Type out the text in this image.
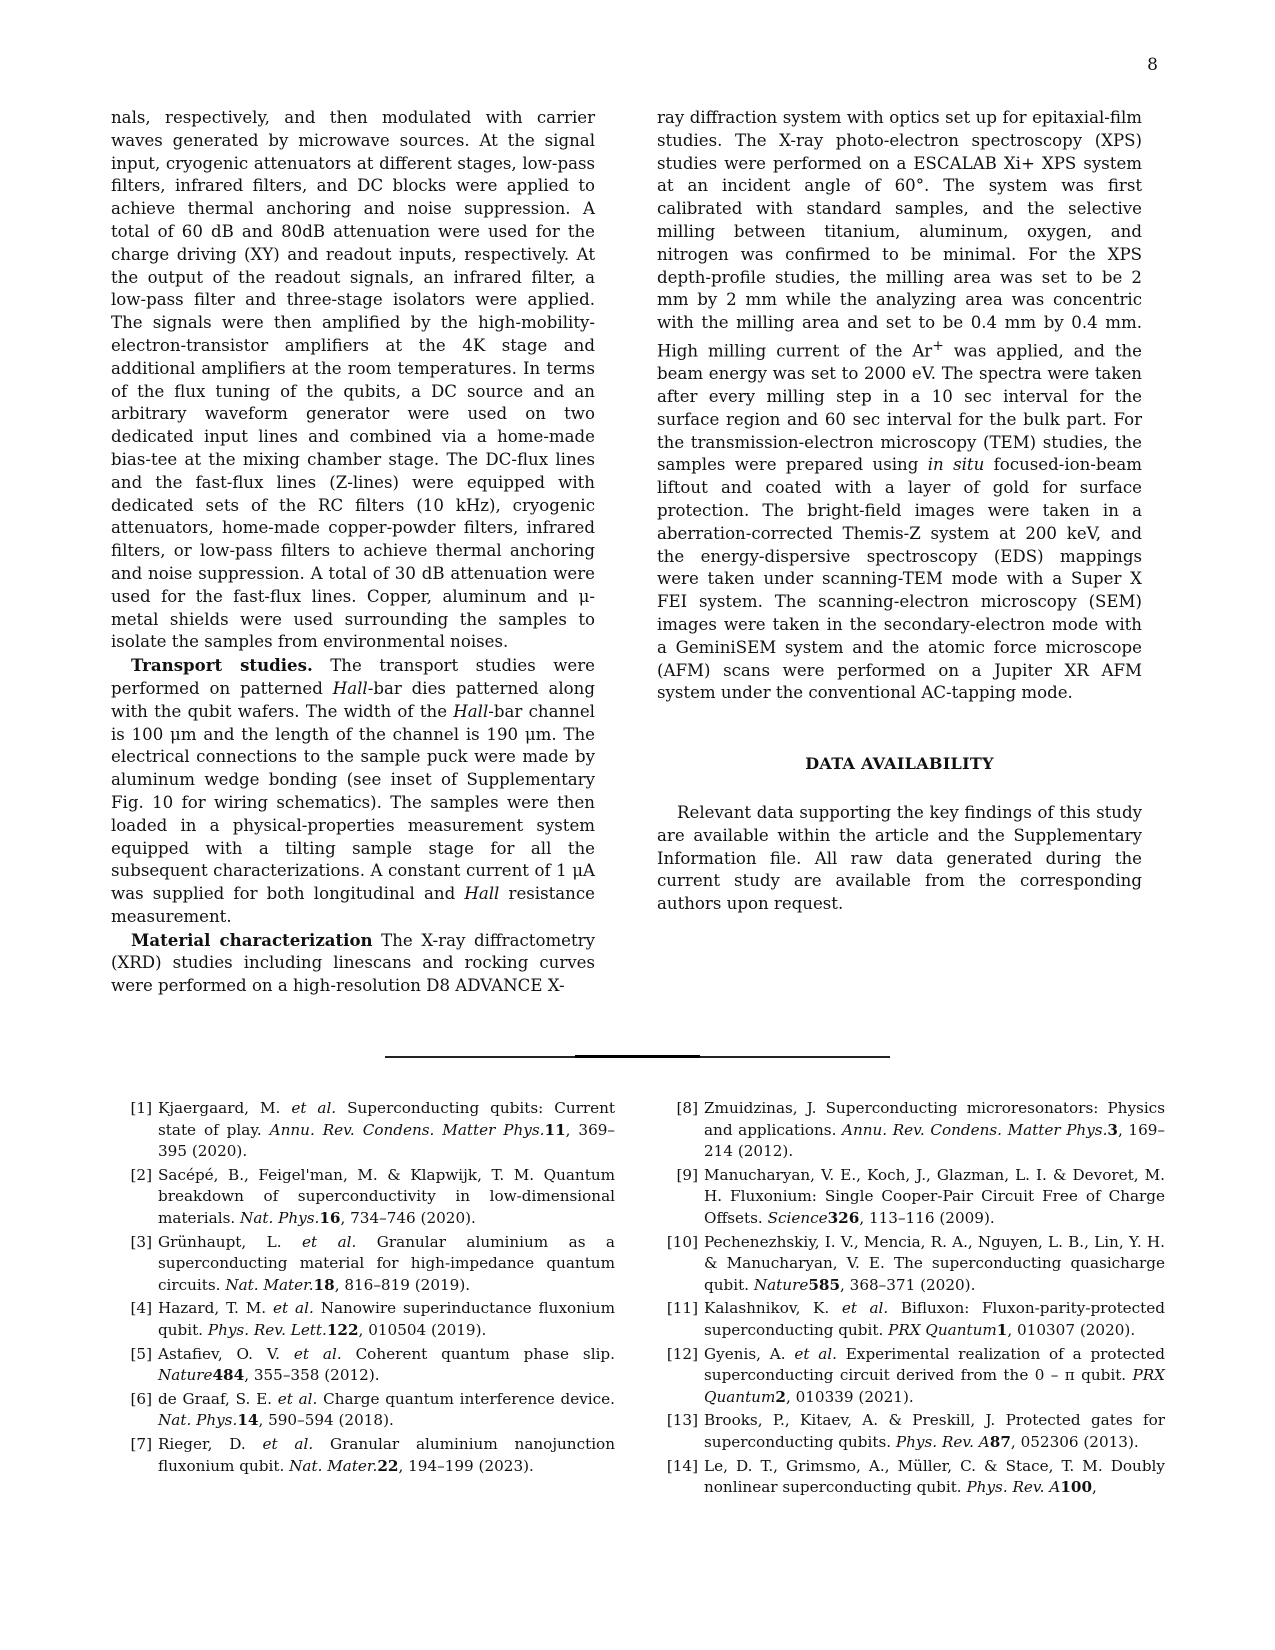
8

nals, respectively, and then modulated with carrier waves generated by microwave sources. At the signal input, cryogenic attenuators at different stages, low-pass filters, infrared filters, and DC blocks were applied to achieve thermal anchoring and noise suppression. A total of 60 dB and 80dB attenuation were used for the charge driving (XY) and readout inputs, respectively. At the output of the readout signals, an infrared filter, a low-pass filter and three-stage isolators were applied. The signals were then amplified by the high-mobility-electron-transistor amplifiers at the 4K stage and additional amplifiers at the room temperatures. In terms of the flux tuning of the qubits, a DC source and an arbitrary waveform generator were used on two dedicated input lines and combined via a home-made bias-tee at the mixing chamber stage. The DC-flux lines and the fast-flux lines (Z-lines) were equipped with dedicated sets of the RC filters (10 kHz), cryogenic attenuators, home-made copper-powder filters, infrared filters, or low-pass filters to achieve thermal anchoring and noise suppression. A total of 30 dB attenuation were used for the fast-flux lines. Copper, aluminum and μ-metal shields were used surrounding the samples to isolate the samples from environmental noises.

Transport studies. The transport studies were performed on patterned Hall-bar dies patterned along with the qubit wafers. The width of the Hall-bar channel is 100 μm and the length of the channel is 190 μm. The electrical connections to the sample puck were made by aluminum wedge bonding (see inset of Supplementary Fig. 10 for wiring schematics). The samples were then loaded in a physical-properties measurement system equipped with a tilting sample stage for all the subsequent characterizations. A constant current of 1 μA was supplied for both longitudinal and Hall resistance measurement.

Material characterization The X-ray diffractometry (XRD) studies including linescans and rocking curves were performed on a high-resolution D8 ADVANCE X-

ray diffraction system with optics set up for epitaxial-film studies. The X-ray photo-electron spectroscopy (XPS) studies were performed on a ESCALAB Xi+ XPS system at an incident angle of 60°. The system was first calibrated with standard samples, and the selective milling between titanium, aluminum, oxygen, and nitrogen was confirmed to be minimal. For the XPS depth-profile studies, the milling area was set to be 2 mm by 2 mm while the analyzing area was concentric with the milling area and set to be 0.4 mm by 0.4 mm. High milling current of the Ar+ was applied, and the beam energy was set to 2000 eV. The spectra were taken after every milling step in a 10 sec interval for the surface region and 60 sec interval for the bulk part. For the transmission-electron microscopy (TEM) studies, the samples were prepared using in situ focused-ion-beam liftout and coated with a layer of gold for surface protection. The bright-field images were taken in a aberration-corrected Themis-Z system at 200 keV, and the energy-dispersive spectroscopy (EDS) mappings were taken under scanning-TEM mode with a Super X FEI system. The scanning-electron microscopy (SEM) images were taken in the secondary-electron mode with a GeminiSEM system and the atomic force microscope (AFM) scans were performed on a Jupiter XR AFM system under the conventional AC-tapping mode.

DATA AVAILABILITY

Relevant data supporting the key findings of this study are available within the article and the Supplementary Information file. All raw data generated during the current study are available from the corresponding authors upon request.

[1] Kjaergaard, M. et al. Superconducting qubits: Current state of play. Annu. Rev. Condens. Matter Phys.11, 369–395 (2020).
[2] Sacépé, B., Feigel'man, M. & Klapwijk, T. M. Quantum breakdown of superconductivity in low-dimensional materials. Nat. Phys.16, 734–746 (2020).
[3] Grünhaupt, L. et al. Granular aluminium as a superconducting material for high-impedance quantum circuits. Nat. Mater.18, 816–819 (2019).
[4] Hazard, T. M. et al. Nanowire superinductance fluxonium qubit. Phys. Rev. Lett.122, 010504 (2019).
[5] Astafiev, O. V. et al. Coherent quantum phase slip. Nature484, 355–358 (2012).
[6] de Graaf, S. E. et al. Charge quantum interference device. Nat. Phys.14, 590–594 (2018).
[7] Rieger, D. et al. Granular aluminium nanojunction fluxonium qubit. Nat. Mater.22, 194–199 (2023).
[8] Zmuidzinas, J. Superconducting microresonators: Physics and applications. Annu. Rev. Condens. Matter Phys.3, 169–214 (2012).
[9] Manucharyan, V. E., Koch, J., Glazman, L. I. & Devoret, M. H. Fluxonium: Single Cooper-Pair Circuit Free of Charge Offsets. Science326, 113–116 (2009).
[10] Pechenezhskiy, I. V., Mencia, R. A., Nguyen, L. B., Lin, Y. H. & Manucharyan, V. E. The superconducting quasicharge qubit. Nature585, 368–371 (2020).
[11] Kalashnikov, K. et al. Bifluxon: Fluxon-parity-protected superconducting qubit. PRX Quantum1, 010307 (2020).
[12] Gyenis, A. et al. Experimental realization of a protected superconducting circuit derived from the 0 – π qubit. PRX Quantum2, 010339 (2021).
[13] Brooks, P., Kitaev, A. & Preskill, J. Protected gates for superconducting qubits. Phys. Rev. A87, 052306 (2013).
[14] Le, D. T., Grimsmo, A., Müller, C. & Stace, T. M. Doubly nonlinear superconducting qubit. Phys. Rev. A100,
